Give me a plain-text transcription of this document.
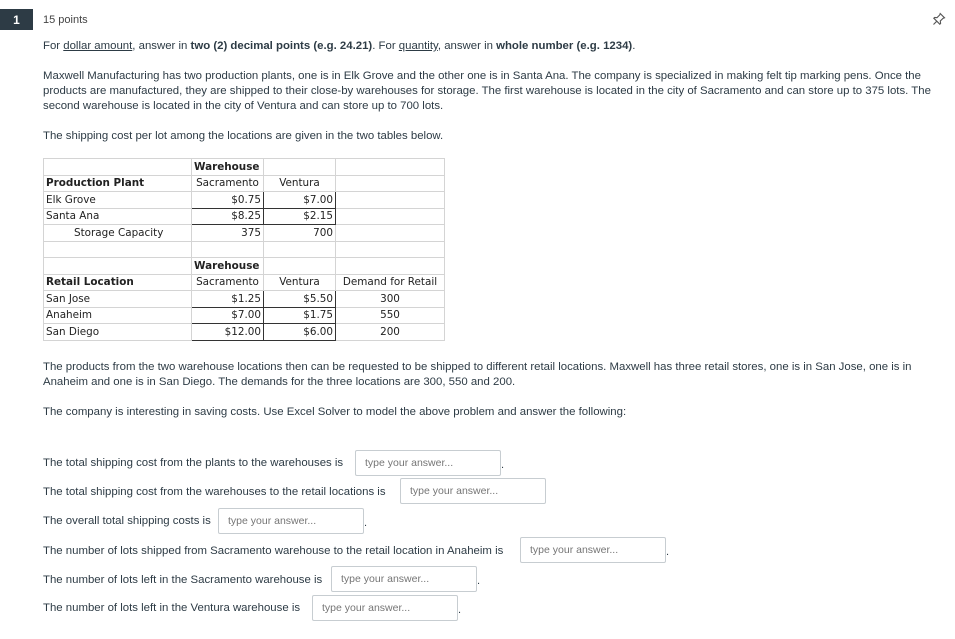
1	15 points
For dollar amount, answer in two (2) decimal points (e.g. 24.21). For quantity, answer in whole number (e.g. 1234).
Maxwell Manufacturing has two production plants, one is in Elk Grove and the other one is in Santa Ana. The company is specialized in making felt tip marking pens. Once the products are manufactured, they are shipped to their close-by warehouses for storage. The first warehouse is located in the city of Sacramento and can store up to 375 lots. The second warehouse is located in the city of Ventura and can store up to 700 lots.
The shipping cost per lot among the locations are given in the two tables below.
	Warehouse		
Production Plant	Sacramento	Ventura	
Elk Grove	$0.75	$7.00	
Santa Ana	$8.25	$2.15	
Storage Capacity	375	700	

	Warehouse		
Retail Location	Sacramento	Ventura	Demand for Retail
San Jose	$1.25	$5.50	300
Anaheim	$7.00	$1.75	550
San Diego	$12.00	$6.00	200
The products from the two warehouse locations then can be requested to be shipped to different retail locations. Maxwell has three retail stores, one is in San Jose, one is in Anaheim and one is in San Diego. The demands for the three locations are 300, 550 and 200.
The company is interesting in saving costs. Use Excel Solver to model the above problem and answer the following:
The total shipping cost from the plants to the warehouses is
type your answer...	.
The total shipping cost from the warehouses to the retail locations is
type your answer...
The overall total shipping costs is
type your answer...	.
The number of lots shipped from Sacramento warehouse to the retail location in Anaheim is
type your answer...	.
The number of lots left in the Sacramento warehouse is
type your answer...	.
The number of lots left in the Ventura warehouse is
type your answer...	.
